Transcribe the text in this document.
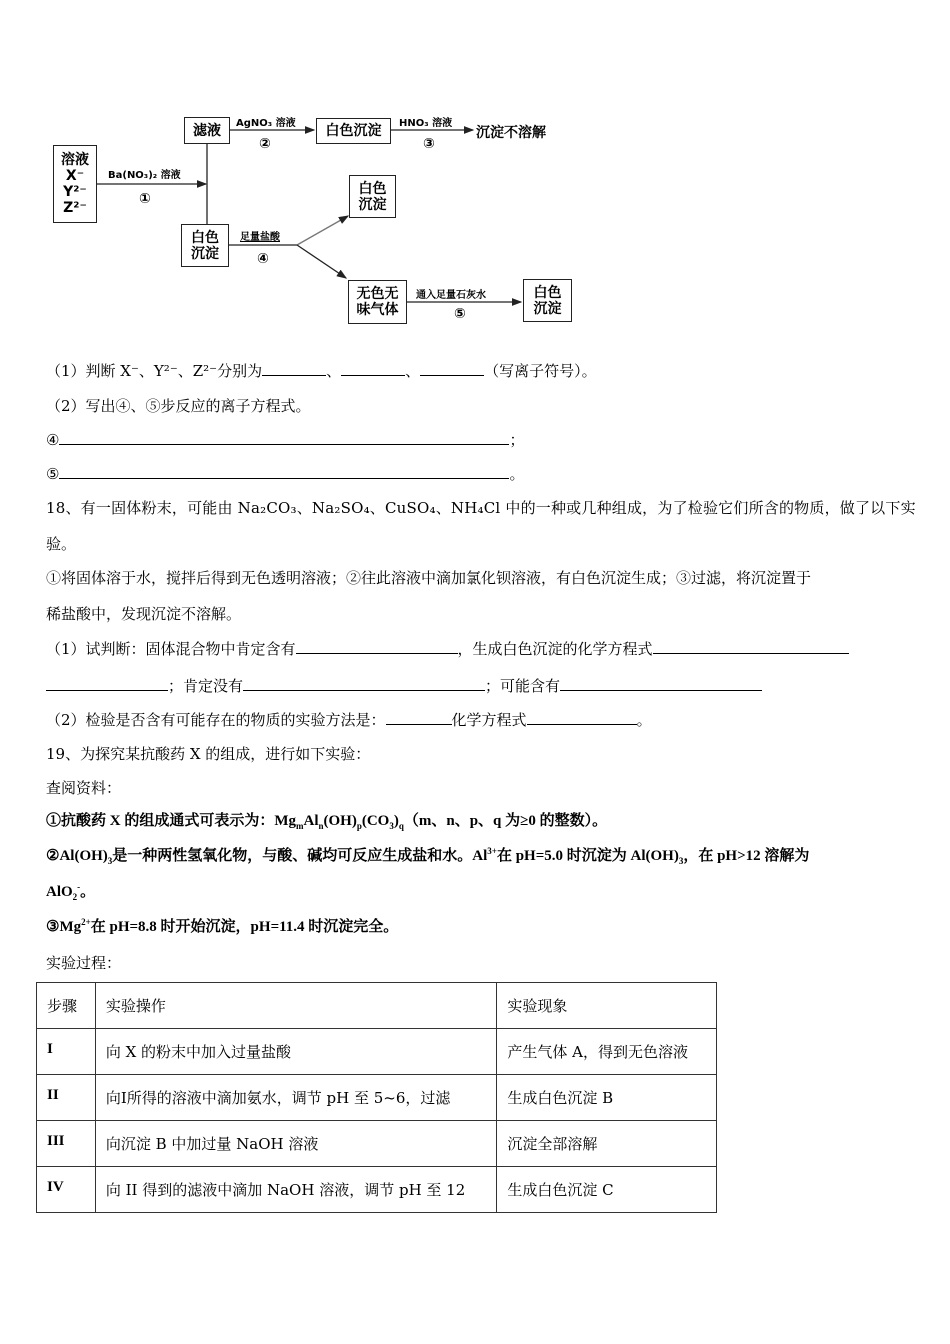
溶液
X⁻
Y²⁻
Z²⁻
Ba(NO₃)₂ 溶液
①
滤液	AgNO₃ 溶液
②
白色沉淀	HNO₃ 溶液
③
沉淀不溶解
白色
沉淀
足量盐酸
④
白色
沉淀
无色无
味气体
通入足量石灰水
⑤
白色
沉淀
（1）判断 X⁻、Y²⁻、Z²⁻分别为	、	、	（写离子符号）。
（2）写出④、⑤步反应的离子方程式。
④	；
⑤	。
18、有一固体粉末，可能由 Na₂CO₃、Na₂SO₄、CuSO₄、NH₄Cl 中的一种或几种组成，为了检验它们所含的物质，做了以下实
验。
①将固体溶于水，搅拌后得到无色透明溶液；②往此溶液中滴加氯化钡溶液，有白色沉淀生成；③过滤，将沉淀置于
稀盐酸中，发现沉淀不溶解。
（1）试判断：固体混合物中肯定含有	，生成白色沉淀的化学方程式
；肯定没有	；可能含有
（2）检验是否含有可能存在的物质的实验方法是：	化学方程式	。
19、为探究某抗酸药 X 的组成，进行如下实验：
查阅资料：
①抗酸药 X 的组成通式可表示为：$Mg_mAl_n(OH)_p(CO_3)_q(m$、n、p、q 为≥0 的整数）。
$②Al(OH)_3$是一种两性氢氧化物，与酸、碱均可反应生成盐和水。$Al^{3+}$在 pH=5.0 时沉淀为 $Al(OH)_3$，在 pH>12 溶解为
AlO$_2$-。
$③Mg^{2+}$在 pH=8.8 时开始沉淀，pH=11.4 时沉淀完全。
实验过程：
步骤	实验操作	实验现象
I	向 X 的粉末中加入过量盐酸	产生气体 A，得到无色溶液
II	向Ⅰ所得的溶液中滴加氨水，调节 pH 至 5~6，过滤	生成白色沉淀 B
III	向沉淀 B 中加过量 NaOH 溶液	沉淀全部溶解
IV	向 II 得到的滤液中滴加 NaOH 溶液，调节 pH 至 12	生成白色沉淀 C
